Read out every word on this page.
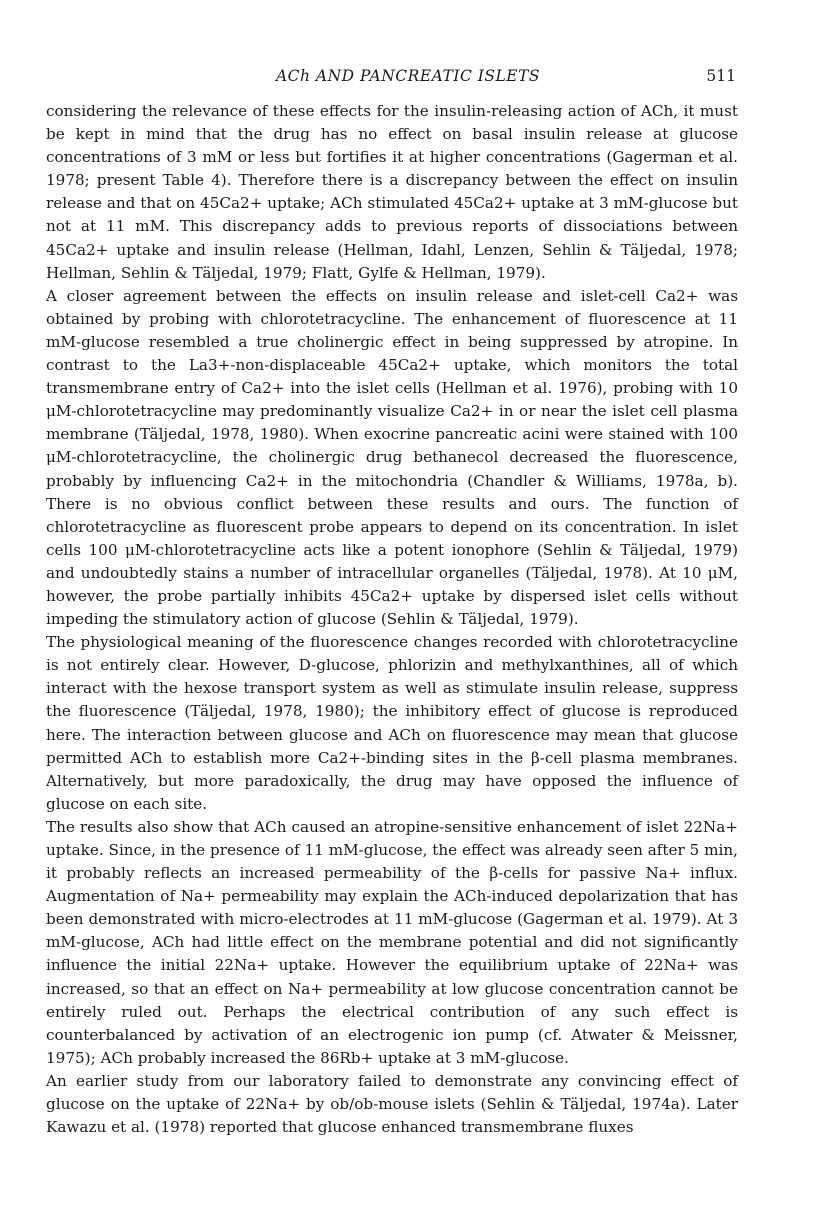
ACh AND PANCREATIC ISLETS	511

considering the relevance of these effects for the insulin-releasing action of ACh, it must be kept in mind that the drug has no effect on basal insulin release at glucose concentrations of 3 mM or less but fortifies it at higher concentrations (Gagerman et al. 1978; present Table 4). Therefore there is a discrepancy between the effect on insulin release and that on 45Ca2+ uptake; ACh stimulated 45Ca2+ uptake at 3 mM-glucose but not at 11 mM. This discrepancy adds to previous reports of dissociations between 45Ca2+ uptake and insulin release (Hellman, Idahl, Lenzen, Sehlin & Täljedal, 1978; Hellman, Sehlin & Täljedal, 1979; Flatt, Gylfe & Hellman, 1979).

A closer agreement between the effects on insulin release and islet-cell Ca2+ was obtained by probing with chlorotetracycline. The enhancement of fluorescence at 11 mM-glucose resembled a true cholinergic effect in being suppressed by atropine. In contrast to the La3+-non-displaceable 45Ca2+ uptake, which monitors the total transmembrane entry of Ca2+ into the islet cells (Hellman et al. 1976), probing with 10 μM-chlorotetracycline may predominantly visualize Ca2+ in or near the islet cell plasma membrane (Täljedal, 1978, 1980). When exocrine pancreatic acini were stained with 100 μM-chlorotetracycline, the cholinergic drug bethanecol decreased the fluorescence, probably by influencing Ca2+ in the mitochondria (Chandler & Williams, 1978a, b). There is no obvious conflict between these results and ours. The function of chlorotetracycline as fluorescent probe appears to depend on its concentration. In islet cells 100 μM-chlorotetracycline acts like a potent ionophore (Sehlin & Täljedal, 1979) and undoubtedly stains a number of intracellular organelles (Täljedal, 1978). At 10 μM, however, the probe partially inhibits 45Ca2+ uptake by dispersed islet cells without impeding the stimulatory action of glucose (Sehlin & Täljedal, 1979).

The physiological meaning of the fluorescence changes recorded with chlorotetracycline is not entirely clear. However, D-glucose, phlorizin and methylxanthines, all of which interact with the hexose transport system as well as stimulate insulin release, suppress the fluorescence (Täljedal, 1978, 1980); the inhibitory effect of glucose is reproduced here. The interaction between glucose and ACh on fluorescence may mean that glucose permitted ACh to establish more Ca2+-binding sites in the β-cell plasma membranes. Alternatively, but more paradoxically, the drug may have opposed the influence of glucose on each site.

The results also show that ACh caused an atropine-sensitive enhancement of islet 22Na+ uptake. Since, in the presence of 11 mM-glucose, the effect was already seen after 5 min, it probably reflects an increased permeability of the β-cells for passive Na+ influx. Augmentation of Na+ permeability may explain the ACh-induced depolarization that has been demonstrated with micro-electrodes at 11 mM-glucose (Gagerman et al. 1979). At 3 mM-glucose, ACh had little effect on the membrane potential and did not significantly influence the initial 22Na+ uptake. However the equilibrium uptake of 22Na+ was increased, so that an effect on Na+ permeability at low glucose concentration cannot be entirely ruled out. Perhaps the electrical contribution of any such effect is counterbalanced by activation of an electrogenic ion pump (cf. Atwater & Meissner, 1975); ACh probably increased the 86Rb+ uptake at 3 mM-glucose.

An earlier study from our laboratory failed to demonstrate any convincing effect of glucose on the uptake of 22Na+ by ob/ob-mouse islets (Sehlin & Täljedal, 1974a). Later Kawazu et al. (1978) reported that glucose enhanced transmembrane fluxes
